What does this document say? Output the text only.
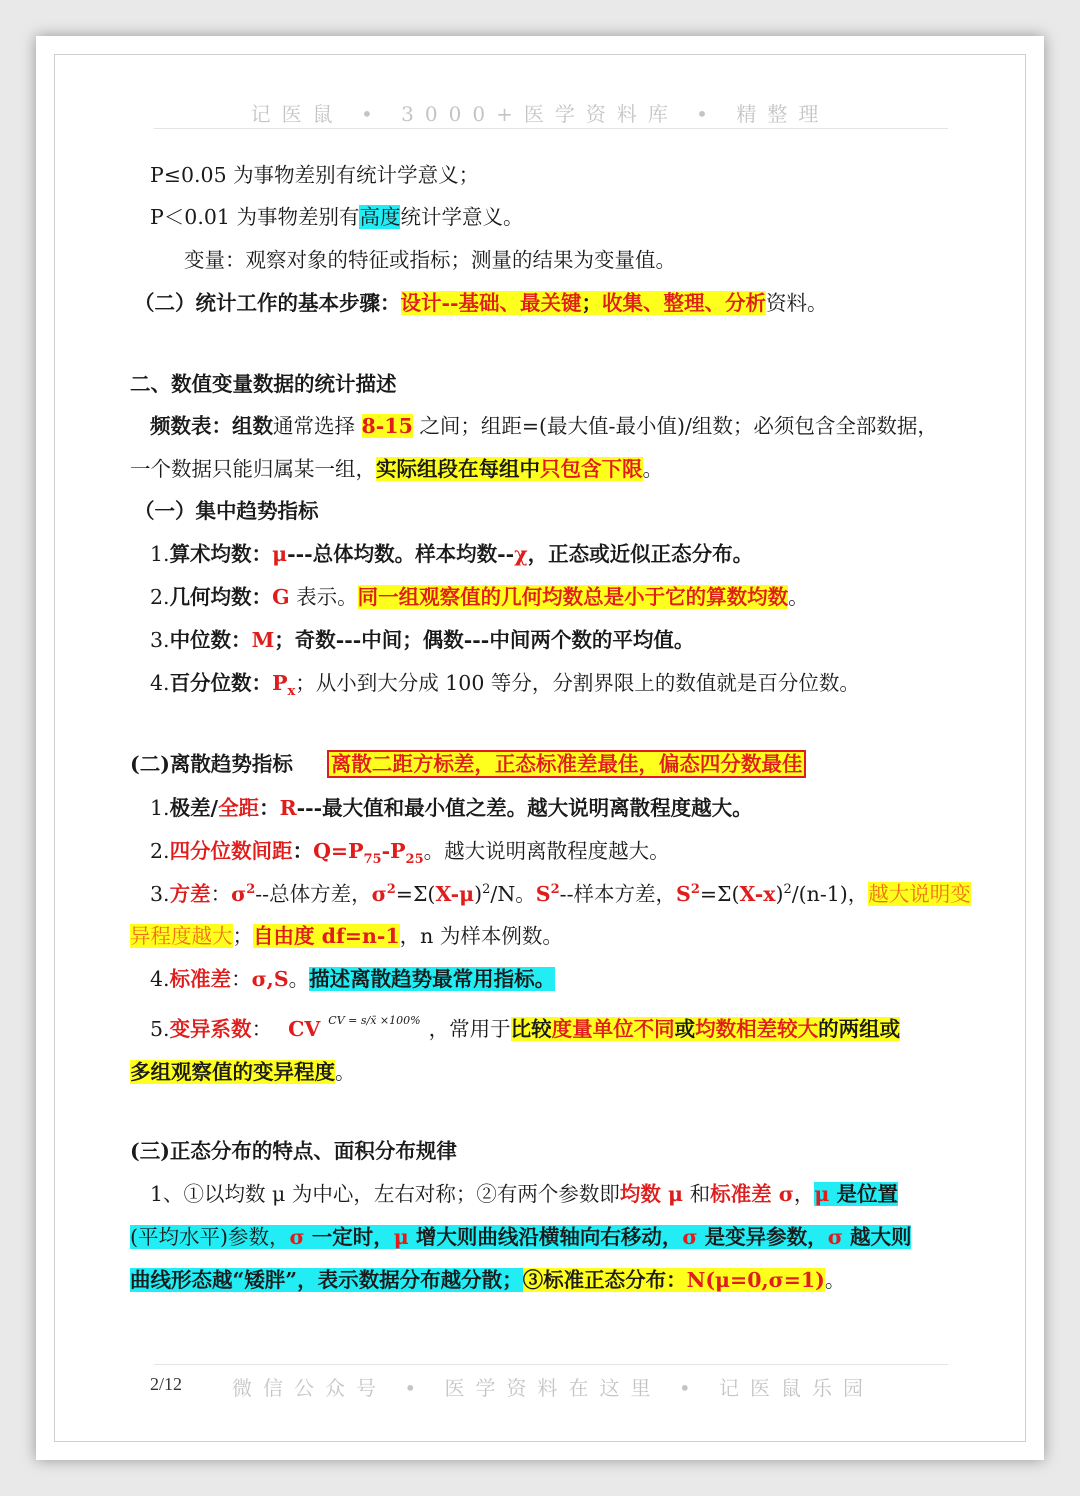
记医鼠 • 3000+医学资料库 • 精整理
P≤0.05 为事物差别有统计学意义；
P＜0.01 为事物差别有高度统计学意义。
变量：观察对象的特征或指标；测量的结果为变量值。
（二）统计工作的基本步骤：设计--基础、最关键；收集、整理、分析资料。
二、数值变量数据的统计描述
频数表：组数通常选择 8-15 之间；组距=(最大值-最小值)/组数；必须包含全部数据，
一个数据只能归属某一组，实际组段在每组中只包含下限。
（一）集中趋势指标
1.算术均数：μ---总体均数。样本均数--χ，正态或近似正态分布。
2.几何均数：G 表示。同一组观察值的几何均数总是小于它的算数均数。
3.中位数：M；奇数---中间；偶数---中间两个数的平均值。
4.百分位数：$P_x$；从小到大分成 100 等分，分割界限上的数值就是百分位数。
(二)离散趋势指标 离散二距方标差，正态标准差最佳，偏态四分数最佳
1.极差/全距：R---最大值和最小值之差。越大说明离散程度越大。
2.四分位数间距：$Q=P_{75}-P_{25}$。越大说明离散程度越大。
3.方差：$\sigma^2--$总体方差，$\sigma^2=\Sigma(X-\mu)^2/N$。$S^2--$样本方差，$S^2=\Sigma(X-x)^2/(n-1)$，越大说明变
异程度越大；自由度 df=n-1，n 为样本例数。
4.标准差：σ,S。描述离散趋势最常用指标。
5.变异系数： CV CV = s/x̄ ×100% ，常用于比较度量单位不同或均数相差较大的两组或
多组观察值的变异程度。
(三)正态分布的特点、面积分布规律
1、①以均数 μ 为中心，左右对称；②有两个参数即均数 μ 和标准差 σ，μ 是位置
(平均水平)参数，σ 一定时，μ 增大则曲线沿横轴向右移动，σ 是变异参数，σ 越大则
曲线形态越“矮胖”，表示数据分布越分散；③标准正态分布：N(μ=0,σ=1)。
2/12 微信公众号 • 医学资料在这里 • 记医鼠乐园
